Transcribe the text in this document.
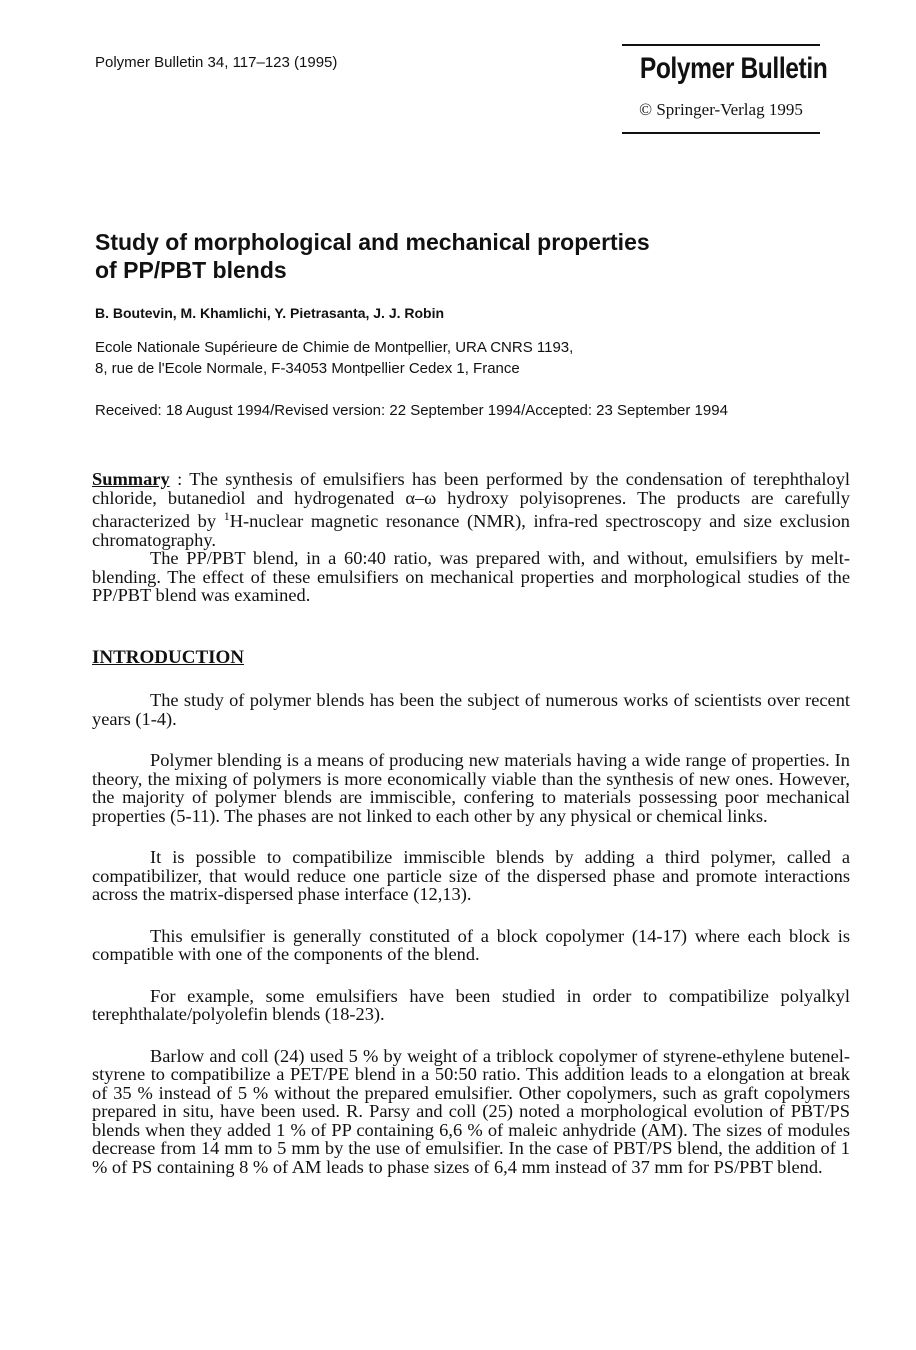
Polymer Bulletin 34, 117–123 (1995)	Polymer Bulletin
© Springer-Verlag 1995
Study of morphological and mechanical properties
of PP/PBT blends
B. Boutevin, M. Khamlichi, Y. Pietrasanta, J. J. Robin
Ecole Nationale Supérieure de Chimie de Montpellier, URA CNRS 1193,
8, rue de l'Ecole Normale, F-34053 Montpellier Cedex 1, France
Received: 18 August 1994/Revised version: 22 September 1994/Accepted: 23 September 1994

Summary : The synthesis of emulsifiers has been performed by the condensation of terephthaloyl chloride, butanediol and hydrogenated α–ω hydroxy polyisoprenes. The products are carefully characterized by $^1$H-nuclear magnetic resonance (NMR), infra-red spectroscopy and size exclusion chromatography.

The PP/PBT blend, in a 60:40 ratio, was prepared with, and without, emulsifiers by melt-blending. The effect of these emulsifiers on mechanical properties and morphological studies of the PP/PBT blend was examined.

INTRODUCTION

The study of polymer blends has been the subject of numerous works of scientists over recent years (1-4).

Polymer blending is a means of producing new materials having a wide range of properties. In theory, the mixing of polymers is more economically viable than the synthesis of new ones. However, the majority of polymer blends are immiscible, confering to materials possessing poor mechanical properties (5-11). The phases are not linked to each other by any physical or chemical links.

It is possible to compatibilize immiscible blends by adding a third polymer, called a compatibilizer, that would reduce one particle size of the dispersed phase and promote interactions across the matrix-dispersed phase interface (12,13).

This emulsifier is generally constituted of a block copolymer (14-17) where each block is compatible with one of the components of the blend.

For example, some emulsifiers have been studied in order to compatibilize polyalkyl terephthalate/polyolefin blends (18-23).

Barlow and coll (24) used 5 % by weight of a triblock copolymer of styrene-ethylene butenel-styrene to compatibilize a PET/PE blend in a 50:50 ratio. This addition leads to a elongation at break of 35 % instead of 5 % without the prepared emulsifier. Other copolymers, such as graft copolymers prepared in situ, have been used. R. Parsy and coll (25) noted a morphological evolution of PBT/PS blends when they added 1 % of PP containing 6,6 % of maleic anhydride (AM). The sizes of modules decrease from 14 mm to 5 mm by the use of emulsifier. In the case of PBT/PS blend, the addition of 1 % of PS containing 8 % of AM leads to phase sizes of 6,4 mm instead of 37 mm for PS/PBT blend.
